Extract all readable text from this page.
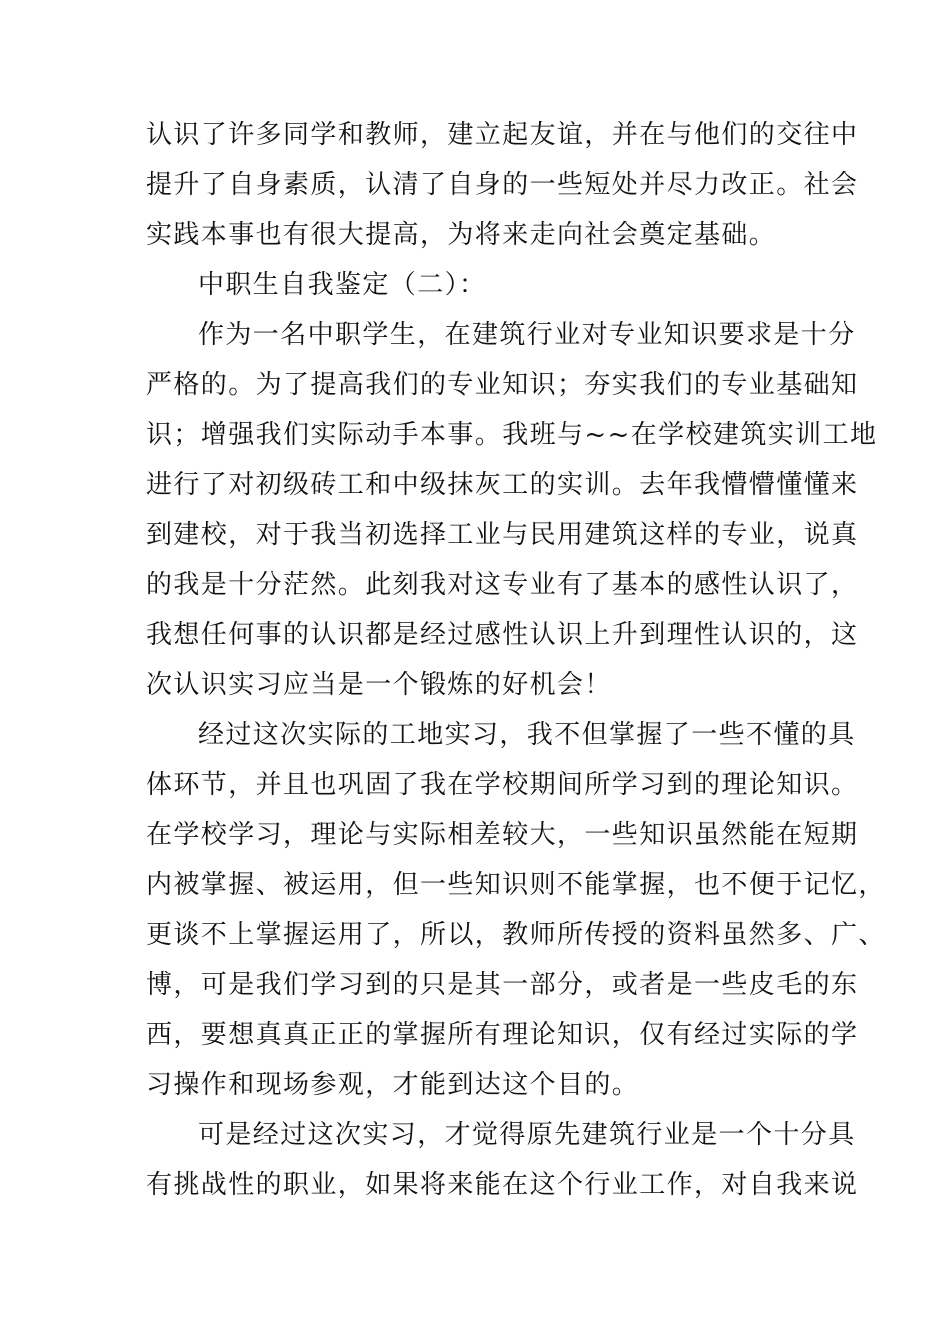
认识了许多同学和教师，建立起友谊，并在与他们的交往中
提升了自身素质，认清了自身的一些短处并尽力改正。社会
实践本事也有很大提高，为将来走向社会奠定基础。
中职生自我鉴定（二）：
作为一名中职学生，在建筑行业对专业知识要求是十分
严格的。为了提高我们的专业知识；夯实我们的专业基础知
识；增强我们实际动手本事。我班与~~在学校建筑实训工地
进行了对初级砖工和中级抹灰工的实训。去年我懵懵懂懂来
到建校，对于我当初选择工业与民用建筑这样的专业，说真
的我是十分茫然。此刻我对这专业有了基本的感性认识了，
我想任何事的认识都是经过感性认识上升到理性认识的，这
次认识实习应当是一个锻炼的好机会！
经过这次实际的工地实习，我不但掌握了一些不懂的具
体环节，并且也巩固了我在学校期间所学习到的理论知识。
在学校学习，理论与实际相差较大，一些知识虽然能在短期
内被掌握、被运用，但一些知识则不能掌握，也不便于记忆，
更谈不上掌握运用了，所以，教师所传授的资料虽然多、广、
博，可是我们学习到的只是其一部分，或者是一些皮毛的东
西，要想真真正正的掌握所有理论知识，仅有经过实际的学
习操作和现场参观，才能到达这个目的。
可是经过这次实习，才觉得原先建筑行业是一个十分具
有挑战性的职业，如果将来能在这个行业工作，对自我来说
